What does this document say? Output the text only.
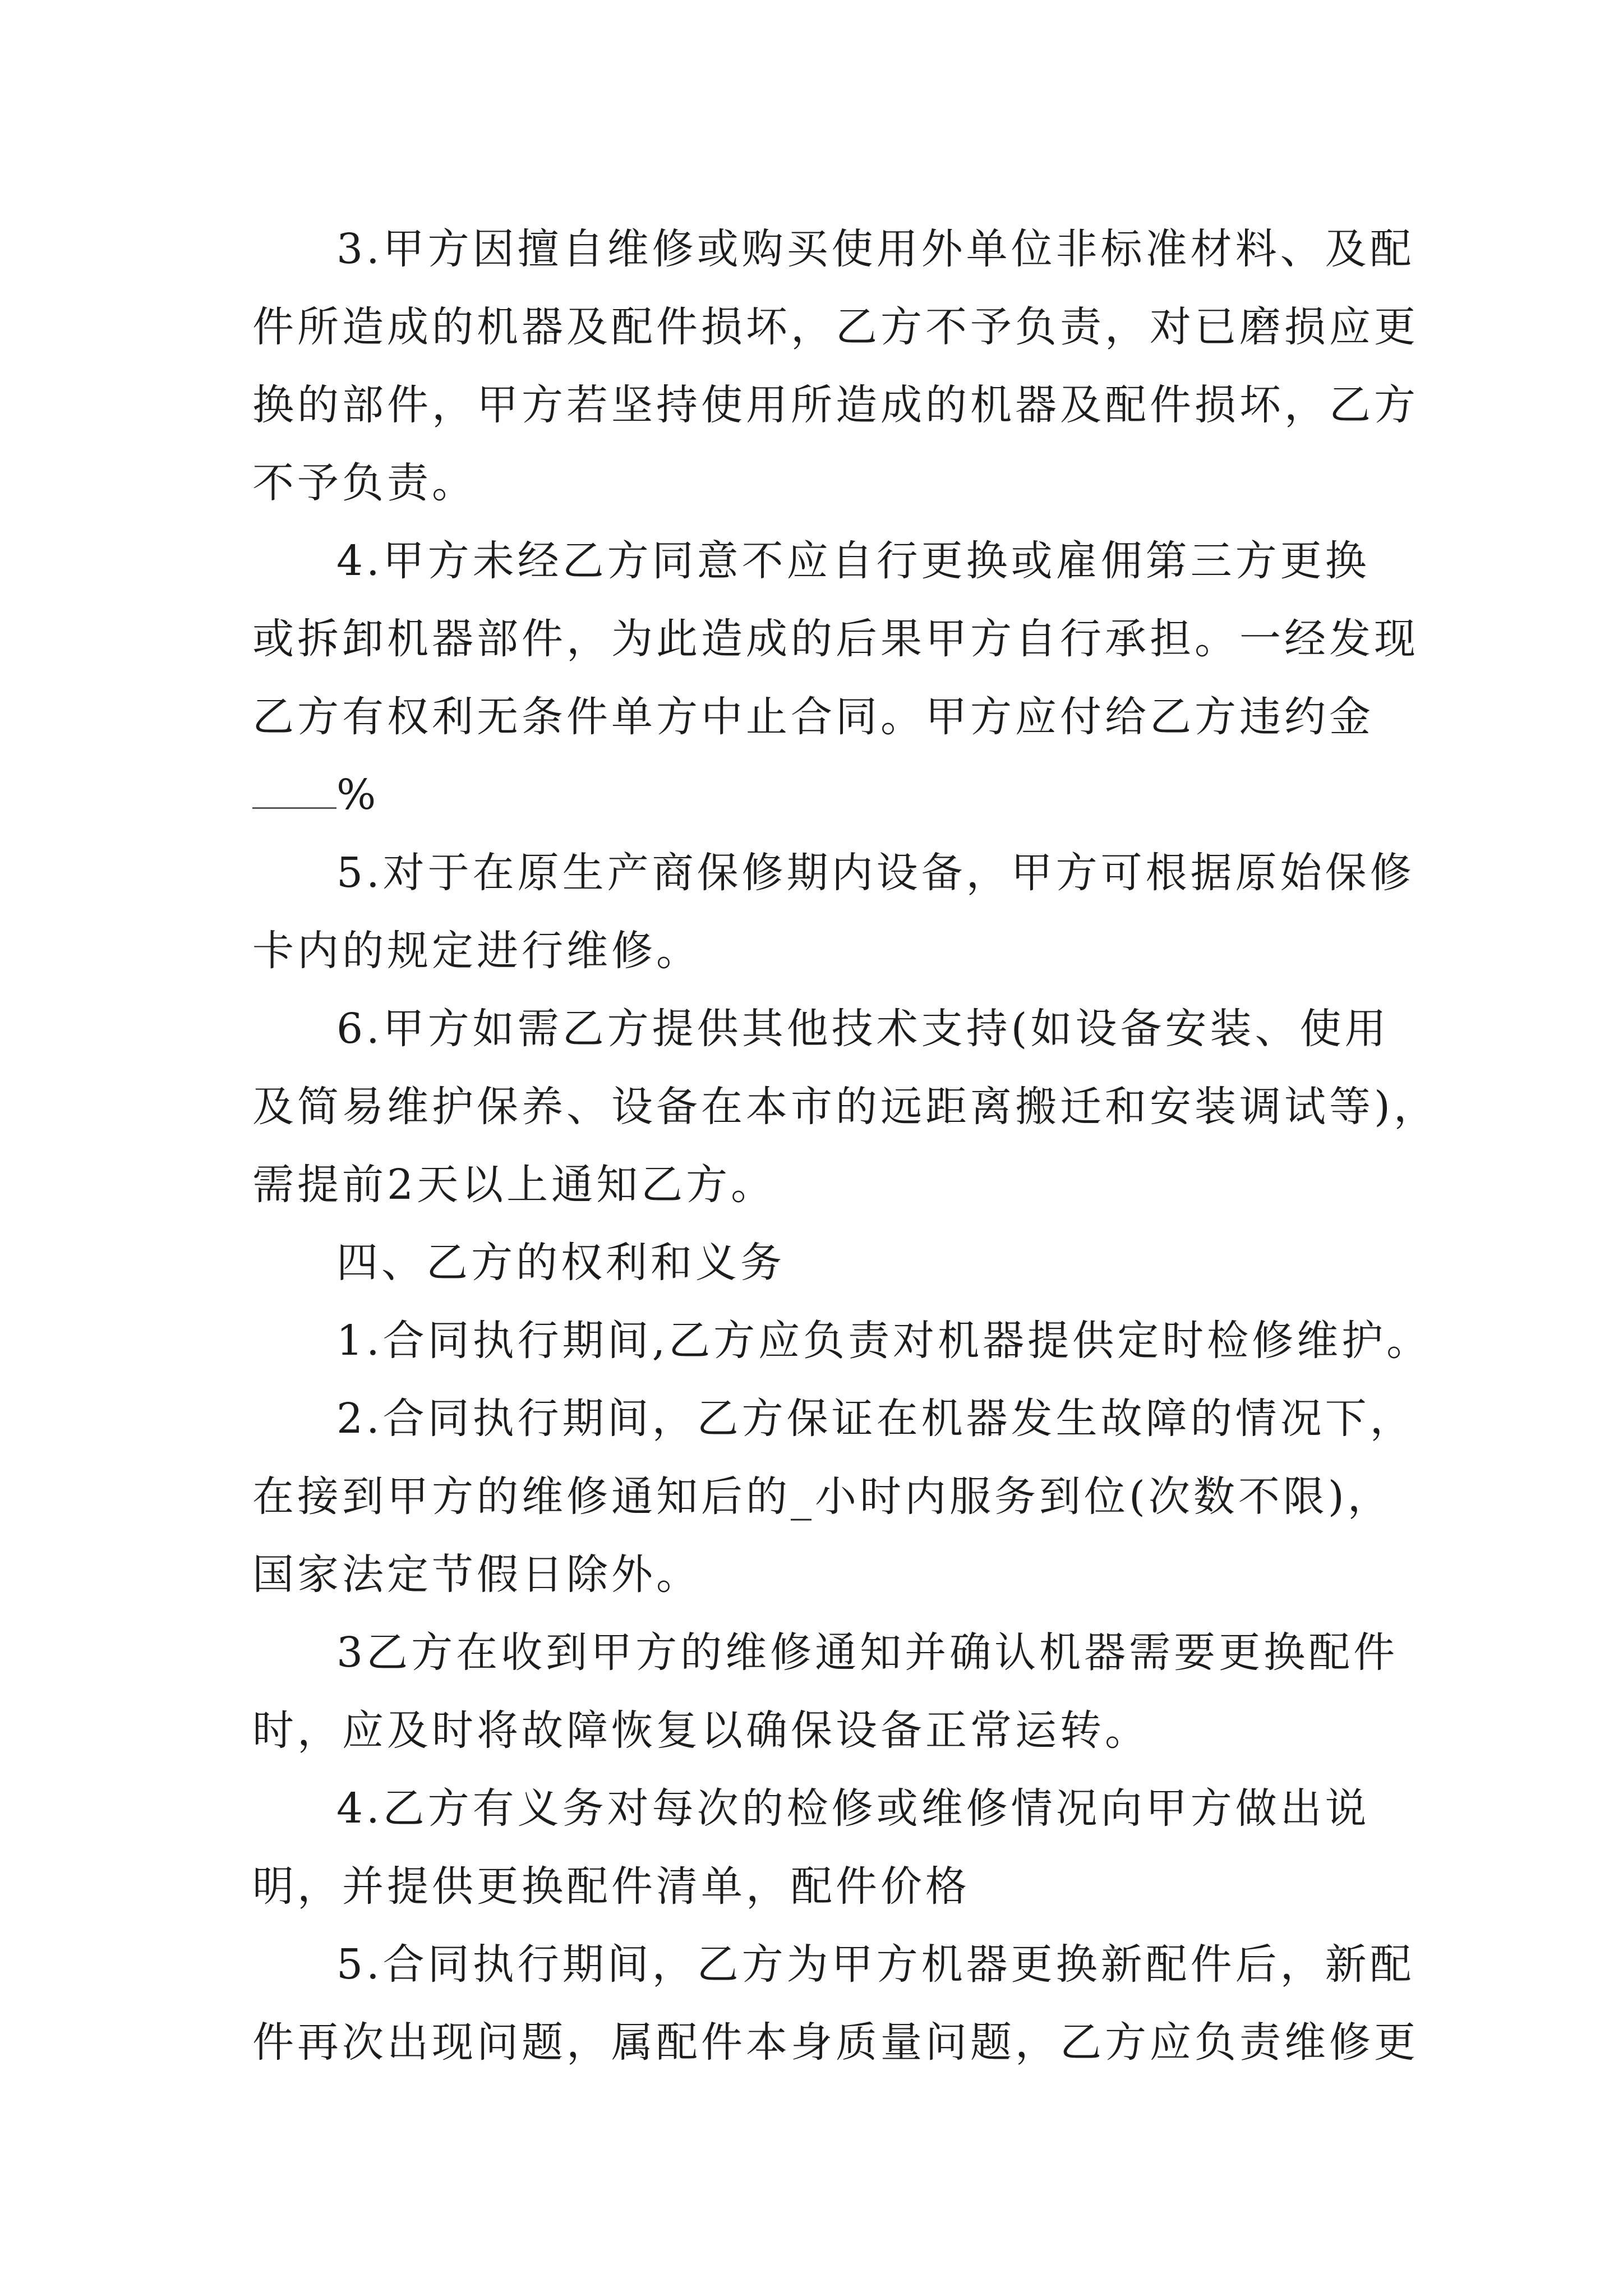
3.甲方因擅自维修或购买使用外单位非标准材料、及配
件所造成的机器及配件损坏，乙方不予负责，对已磨损应更
换的部件，甲方若坚持使用所造成的机器及配件损坏，乙方
不予负责。
4.甲方未经乙方同意不应自行更换或雇佣第三方更换
或拆卸机器部件，为此造成的后果甲方自行承担。一经发现
乙方有权利无条件单方中止合同。甲方应付给乙方违约金
%
5.对于在原生产商保修期内设备，甲方可根据原始保修
卡内的规定进行维修。
6.甲方如需乙方提供其他技术支持(如设备安装、使用
及简易维护保养、设备在本市的远距离搬迁和安装调试等)，
需提前2天以上通知乙方。
四、乙方的权利和义务
1.合同执行期间,乙方应负责对机器提供定时检修维护。
2.合同执行期间，乙方保证在机器发生故障的情况下，
在接到甲方的维修通知后的_小时内服务到位(次数不限)，
国家法定节假日除外。
3乙方在收到甲方的维修通知并确认机器需要更换配件
时，应及时将故障恢复以确保设备正常运转。
4.乙方有义务对每次的检修或维修情况向甲方做出说
明，并提供更换配件清单，配件价格
5.合同执行期间，乙方为甲方机器更换新配件后，新配
件再次出现问题，属配件本身质量问题，乙方应负责维修更
